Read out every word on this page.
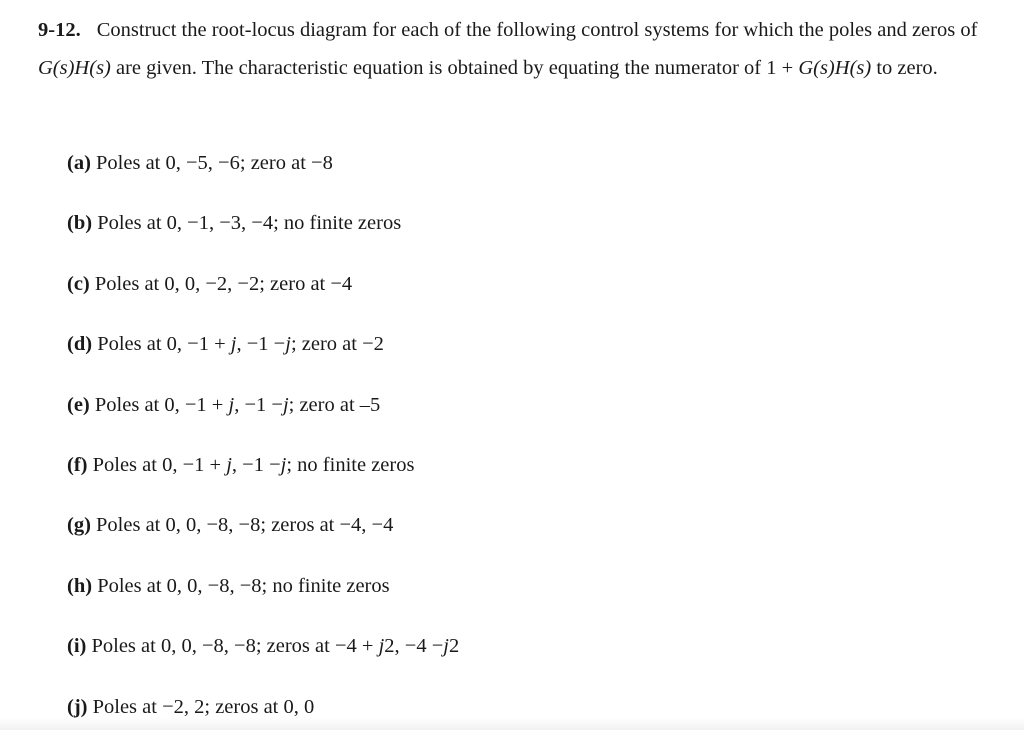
9-12. Construct the root-locus diagram for each of the following control systems for which the poles and zeros of G(s)H(s) are given. The characteristic equation is obtained by equating the numerator of 1 + G(s)H(s) to zero.
(a) Poles at 0, −5, −6; zero at −8
(b) Poles at 0, −1, −3, −4; no finite zeros
(c) Poles at 0, 0, −2, −2; zero at −4
(d) Poles at 0, −1 + j, −1 −j; zero at −2
(e) Poles at 0, −1 + j, −1 −j; zero at –5
(f) Poles at 0, −1 + j, −1 −j; no finite zeros
(g) Poles at 0, 0, −8, −8; zeros at −4, −4
(h) Poles at 0, 0, −8, −8; no finite zeros
(i) Poles at 0, 0, −8, −8; zeros at −4 + j2, −4 −j2
(j) Poles at −2, 2; zeros at 0, 0
